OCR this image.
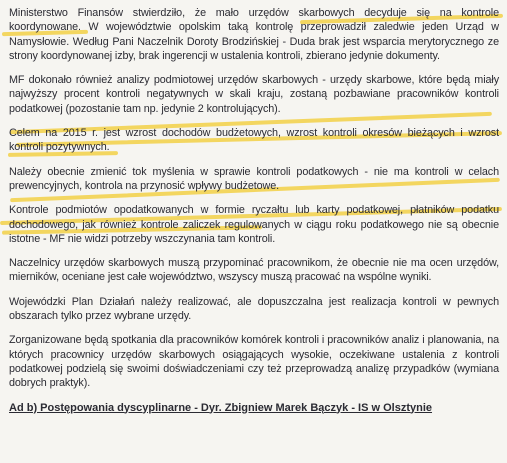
Ministerstwo Finansów stwierdziło, że mało urzędów skarbowych decyduje się na kontrole koordynowane. W województwie opolskim taką kontrolę przeprowadził zaledwie jeden Urząd w Namysłowie. Według Pani Naczelnik Doroty Brodzińskiej - Duda brak jest wsparcia merytorycznego ze strony koordynowanej izby, brak ingerencji w ustalenia kontroli, zbierano jedynie dokumenty.

MF dokonało również analizy podmiotowej urzędów skarbowych - urzędy skarbowe, które będą miały najwyższy procent kontroli negatywnych w skali kraju, zostaną pozbawiane pracowników kontroli podatkowej (pozostanie tam np. jedynie 2 kontrolujących).

Celem na 2015 r. jest wzrost dochodów budżetowych, wzrost kontroli okresów bieżących i wzrost kontroli pozytywnych.

Należy obecnie zmienić tok myślenia w sprawie kontroli podatkowych - nie ma kontroli w celach prewencyjnych, kontrola na przynosić wpływy budżetowe.

Kontrole podmiotów opodatkowanych w formie ryczałtu lub karty podatkowej, płatników podatku dochodowego, jak również kontrole zaliczek regulowanych w ciągu roku podatkowego nie są obecnie istotne - MF nie widzi potrzeby wszczynania tam kontroli.

Naczelnicy urzędów skarbowych muszą przypominać pracownikom, że obecnie nie ma ocen urzędów, mierników, oceniane jest całe województwo, wszyscy muszą pracować na wspólne wyniki.

Wojewódzki Plan Działań należy realizować, ale dopuszczalna jest realizacja kontroli w pewnych obszarach tylko przez wybrane urzędy.

Zorganizowane będą spotkania dla pracowników komórek kontroli i pracowników analiz i planowania, na których pracownicy urzędów skarbowych osiągających wysokie, oczekiwane ustalenia z kontroli podatkowej podzielą się swoimi doświadczeniami czy też przeprowadzą analizę przypadków (wymiana dobrych praktyk).

Ad b) Postępowania dyscyplinarne - Dyr. Zbigniew Marek Bączyk - IS w Olsztynie
